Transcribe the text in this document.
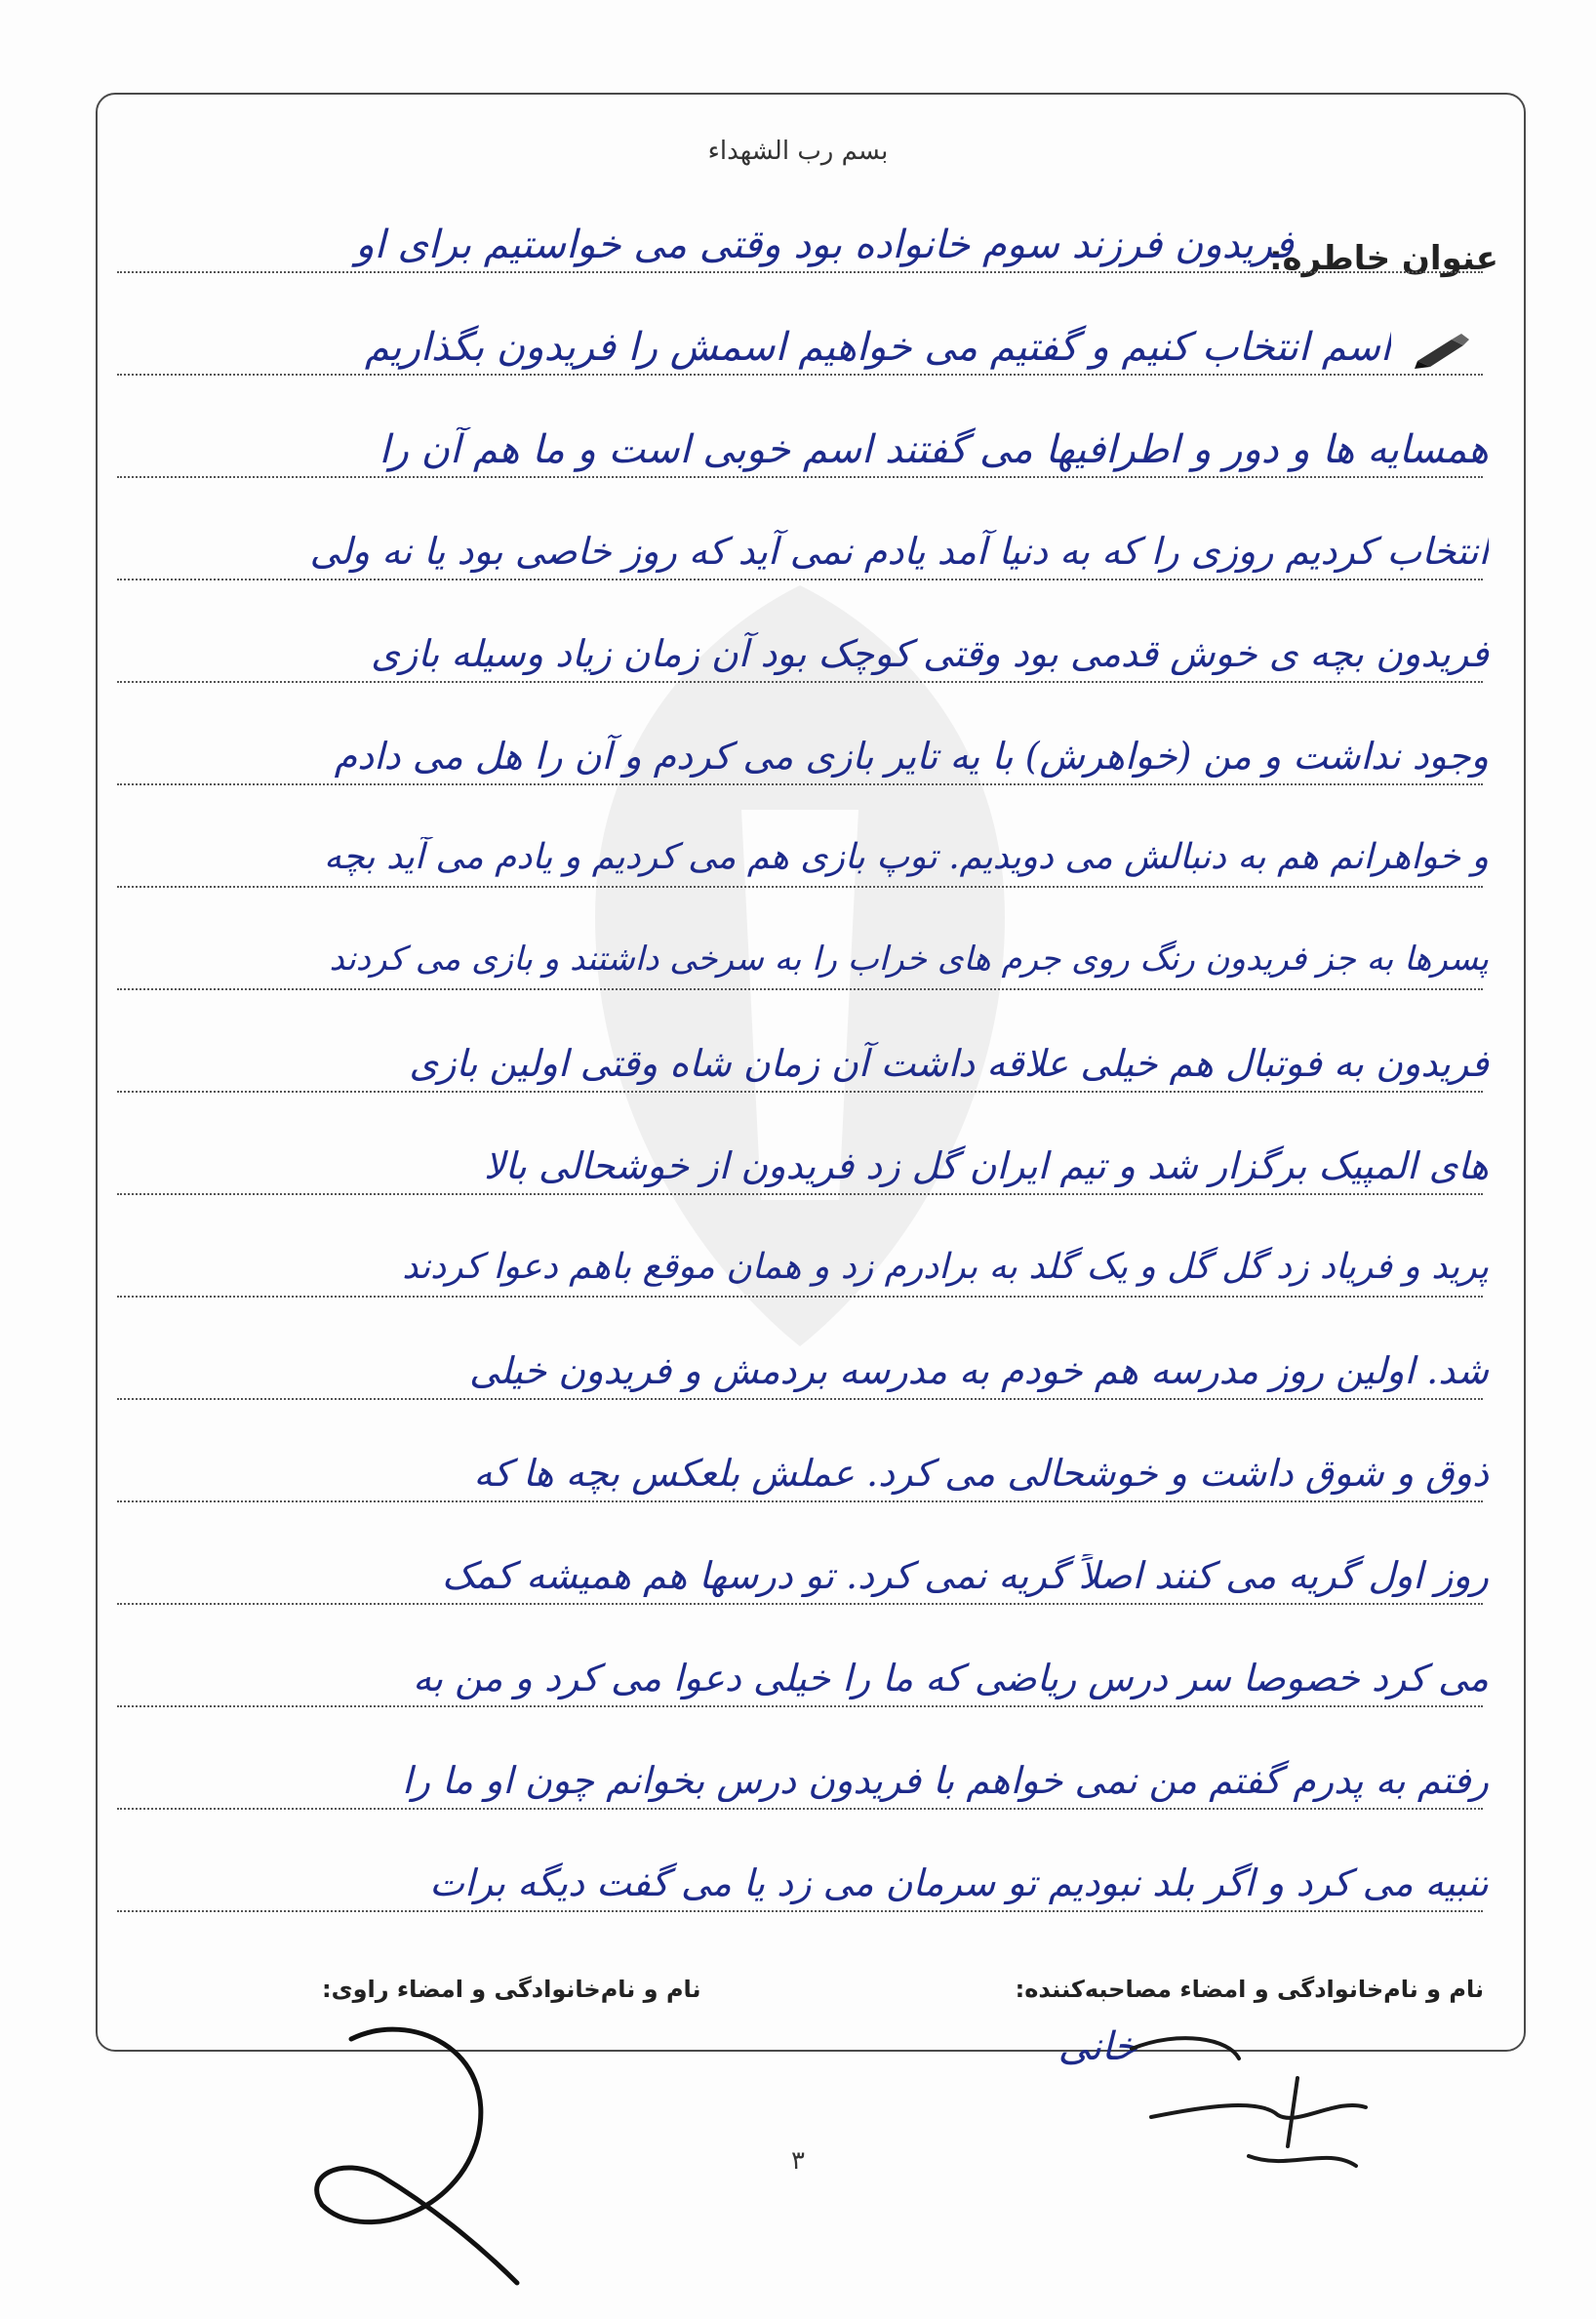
بسم رب الشهداء
عنوان خاطره:
فریدون فرزند سوم خانواده بود وقتی می خواستیم برای او
اسم انتخاب کنیم و گفتیم می خواهیم اسمش را فریدون بگذاریم
همسایه ها و دور و اطرافیها می گفتند اسم خوبی است و ما هم آن را
انتخاب کردیم روزی را که به دنیا آمد یادم نمی آید که روز خاصی بود یا نه ولی
فریدون بچه ی خوش قدمی بود وقتی کوچک بود آن زمان زیاد وسیله بازی
وجود نداشت و من (خواهرش) با یه تایر بازی می کردم و آن را هل می دادم
و خواهرانم هم به دنبالش می دویدیم. توپ بازی هم می کردیم و یادم می آید بچه
پسرها به جز فریدون رنگ روی جرم های خراب را به سرخی داشتند و بازی می کردند
فریدون به فوتبال هم خیلی علاقه داشت آن زمان شاه وقتی اولین بازی
های المپیک برگزار شد و تیم ایران گل زد فریدون از خوشحالی بالا
پرید و فریاد زد گل گل و یک گلد به برادرم زد و همان موقع باهم دعوا کردند
شد. اولین روز مدرسه هم خودم به مدرسه بردمش و فریدون خیلی
ذوق و شوق داشت و خوشحالی می کرد. عملش بلعکس بچه ها که
روز اول گریه می کنند اصلاً گریه نمی کرد. تو درسها هم همیشه کمک
می کرد خصوصا سر درس ریاضی که ما را خیلی دعوا می کرد و من به
رفتم به پدرم گفتم من نمی خواهم با فریدون درس بخوانم چون او ما را
تنبیه می کرد و اگر بلد نبودیم تو سرمان می زد یا می گفت دیگه برات
نام و نام‌خانوادگی و امضاء مصاحبه‌کننده:
نام و نام‌خانوادگی و امضاء راوی:
خانی
٣
